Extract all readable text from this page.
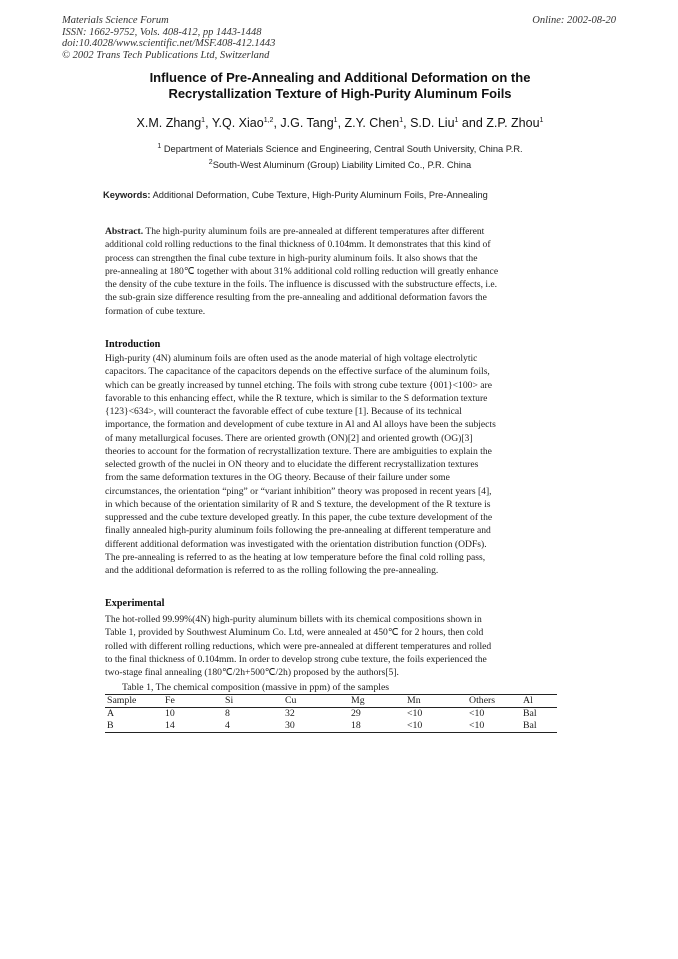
Materials Science Forum
ISSN: 1662-9752, Vols. 408-412, pp 1443-1448
doi:10.4028/www.scientific.net/MSF.408-412.1443
© 2002 Trans Tech Publications Ltd, Switzerland
Online: 2002-08-20
Influence of Pre-Annealing and Additional Deformation on the
Recrystallization Texture of High-Purity Aluminum Foils
X.M. Zhang$^1$, Y.Q. Xiao$^{1,2}$, J.G. Tang$^1$, Z.Y. Chen$^1$, S.D. Liu$^1$ and Z.P. Zhou$^1$
$^1$ Department of Materials Science and Engineering, Central South University, China P.R.
$^2$South-West Aluminum (Group) Liability Limited Co., P.R. China
Keywords: Additional Deformation, Cube Texture, High-Purity Aluminum Foils, Pre-Annealing
Abstract. The high-purity aluminum foils are pre-annealed at different temperatures after different
additional cold rolling reductions to the final thickness of 0.104mm. It demonstrates that this kind of
process can strengthen the final cube texture in high-purity aluminum foils. It also shows that the
pre-annealing at 180℃ together with about 31% additional cold rolling reduction will greatly enhance
the density of the cube texture in the foils. The influence is discussed with the substructure effects, i.e.
the sub-grain size difference resulting from the pre-annealing and additional deformation favors the
formation of cube texture.
Introduction
High-purity (4N) aluminum foils are often used as the anode material of high voltage electrolytic
capacitors. The capacitance of the capacitors depends on the effective surface of the aluminum foils,
which can be greatly increased by tunnel etching. The foils with strong cube texture {001}<100> are
favorable to this enhancing effect, while the R texture, which is similar to the S deformation texture
{123}<634>, will counteract the favorable effect of cube texture [1]. Because of its technical
importance, the formation and development of cube texture in Al and Al alloys have been the subjects
of many metallurgical focuses. There are oriented growth (ON)[2] and oriented growth (OG)[3]
theories to account for the formation of recrystallization texture. There are ambiguities to explain the
selected growth of the nuclei in ON theory and to elucidate the different recrystallization textures
from the same deformation textures in the OG theory. Because of their failure under some
circumstances, the orientation “ping” or “variant inhibition” theory was proposed in recent years [4],
in which because of the orientation similarity of R and S texture, the development of the R texture is
suppressed and the cube texture developed greatly. In this paper, the cube texture development of the
finally annealed high-purity aluminum foils following the pre-annealing at different temperature and
different additional deformation was investigated with the orientation distribution function (ODFs).
The pre-annealing is referred to as the heating at low temperature before the final cold rolling pass,
and the additional deformation is referred to as the rolling following the pre-annealing.
Experimental
The hot-rolled 99.99%(4N) high-purity aluminum billets with its chemical compositions shown in
Table 1, provided by Southwest Aluminum Co. Ltd, were annealed at 450℃ for 2 hours, then cold
rolled with different rolling reductions, which were pre-annealed at different temperatures and rolled
to the final thickness of 0.104mm. In order to develop strong cube texture, the foils experienced the
two-stage final annealing (180℃/2h+500℃/2h) proposed by the authors[5].
Table 1, The chemical composition (massive in ppm) of the samples
Sample	Fe	Si	Cu	Mg	Mn	Others	Al
A	10	8	32	29	<10	<10	Bal
B	14	4	30	18	<10	<10	Bal
